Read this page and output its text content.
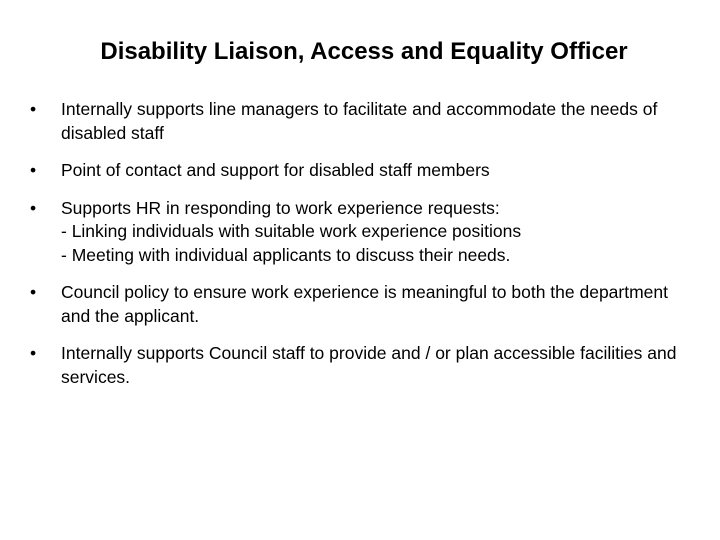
Disability Liaison, Access and Equality Officer
•	Internally supports line managers to facilitate and accommodate the needs of disabled staff
•	Point of contact and support for disabled staff members
•	Supports HR in responding to work experience requests:
- Linking individuals with suitable work experience positions
- Meeting with individual applicants to discuss their needs.
•	Council policy to ensure work experience is meaningful to both the department and the applicant.
•	Internally supports Council staff to provide and / or plan accessible facilities and services.
